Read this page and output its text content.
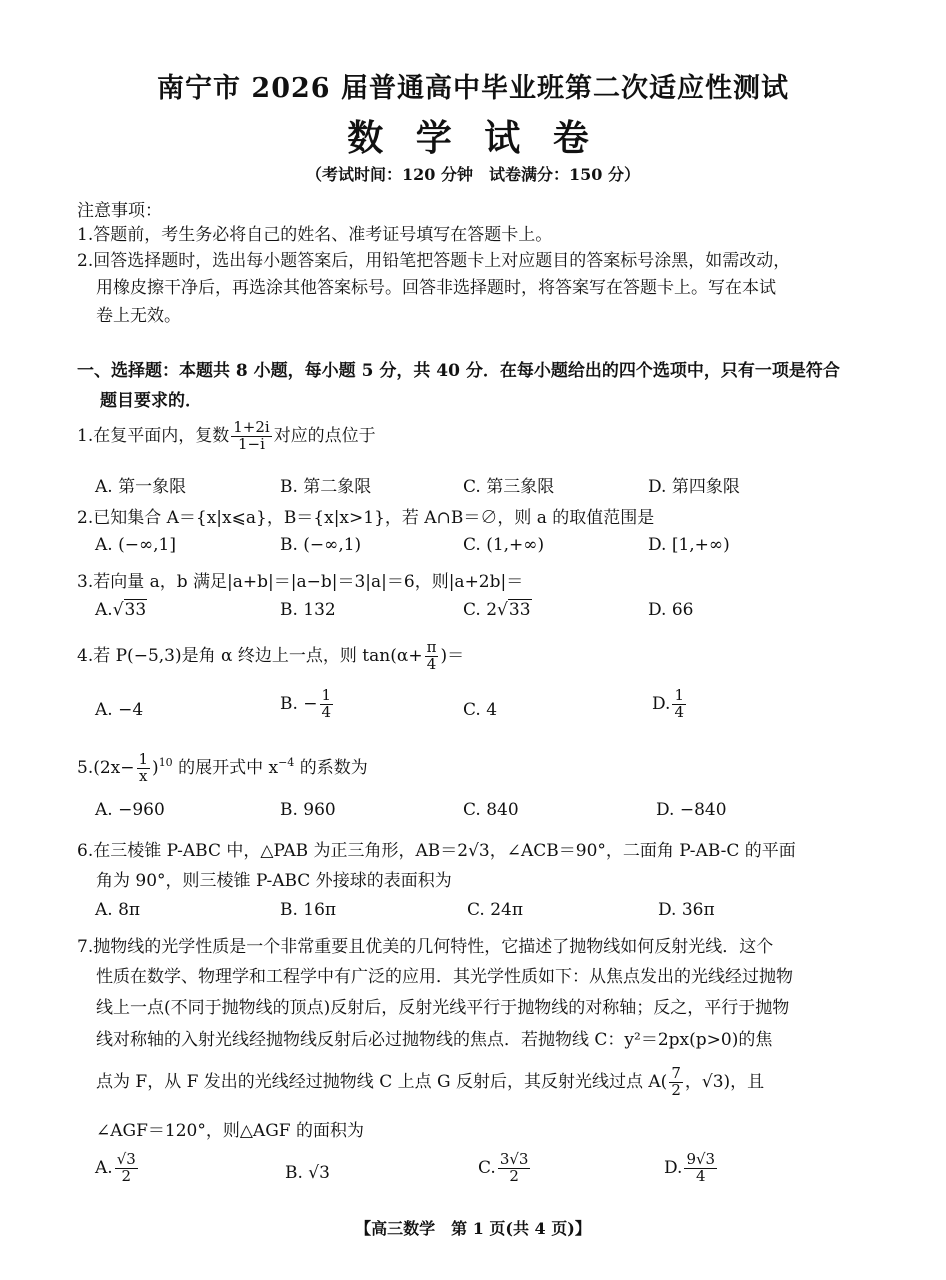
南宁市 2026 届普通高中毕业班第二次适应性测试
数 学 试 卷
（考试时间：120 分钟　试卷满分：150 分）
注意事项：
1.答题前，考生务必将自己的姓名、准考证号填写在答题卡上。
2.回答选择题时，选出每小题答案后，用铅笔把答题卡上对应题目的答案标号涂黑，如需改动，
用橡皮擦干净后，再选涂其他答案标号。回答非选择题时，将答案写在答题卡上。写在本试
卷上无效。
一、选择题：本题共 8 小题，每小题 5 分，共 40 分．在每小题给出的四个选项中，只有一项是符合
题目要求的．
1.在复平面内，复数 $\frac{1+2i}{1-i}$ 对应的点位于
A. 第一象限	B. 第二象限	C. 第三象限	D. 第四象限
2.已知集合 A＝{x|x⩽a}，B＝{x|x>1}，若 A∩B＝∅，则 a 的取值范围是
A. (−∞,1]	B. (−∞,1)	C. (1,+∞)	D. [1,+∞)
3.若向量 a，b 满足|a+b|＝|a−b|＝3|a|＝6，则|a+2b|＝
A.√33	B. 132	C. 2√33	D. 66
4.若 P(−5,3)是角 α 终边上一点，则 $\tan(\alpha+ \frac{\pi}{4}$ )＝
A. −4	B. − $\frac{1}{4}$	C. 4	D. $\frac{1}{4}$
$5.(2x- \frac{1}{x} )^{10}$ 的展开式中 $x^{-4}$ 的系数为
A. −960	B. 960	C. 840	D. −840
6.在三棱锥 P-ABC 中，△PAB 为正三角形，AB＝2√3，∠ACB＝90°，二面角 P-AB-C 的平面
角为 90°，则三棱锥 P-ABC 外接球的表面积为
A. 8π	B. 16π	C. 24π	D. 36π
7.抛物线的光学性质是一个非常重要且优美的几何特性，它描述了抛物线如何反射光线．这个
性质在数学、物理学和工程学中有广泛的应用．其光学性质如下：从焦点发出的光线经过抛物
线上一点(不同于抛物线的顶点)反射后，反射光线平行于抛物线的对称轴；反之，平行于抛物
线对称轴的入射光线经抛物线反射后必过抛物线的焦点．若抛物线 C：y²＝2px(p>0)的焦
点为 F，从 F 发出的光线经过抛物线 C 上点 G 反射后，其反射光线过点 $A( \frac{7}{2}$ ，√3)，且
∠AGF＝120°，则△AGF 的面积为
A. $\frac{√3}{2}$	B. √3	C. $\frac{3√3}{2}$	D. $\frac{9√3}{4}$
【高三数学　第 1 页(共 4 页)】
